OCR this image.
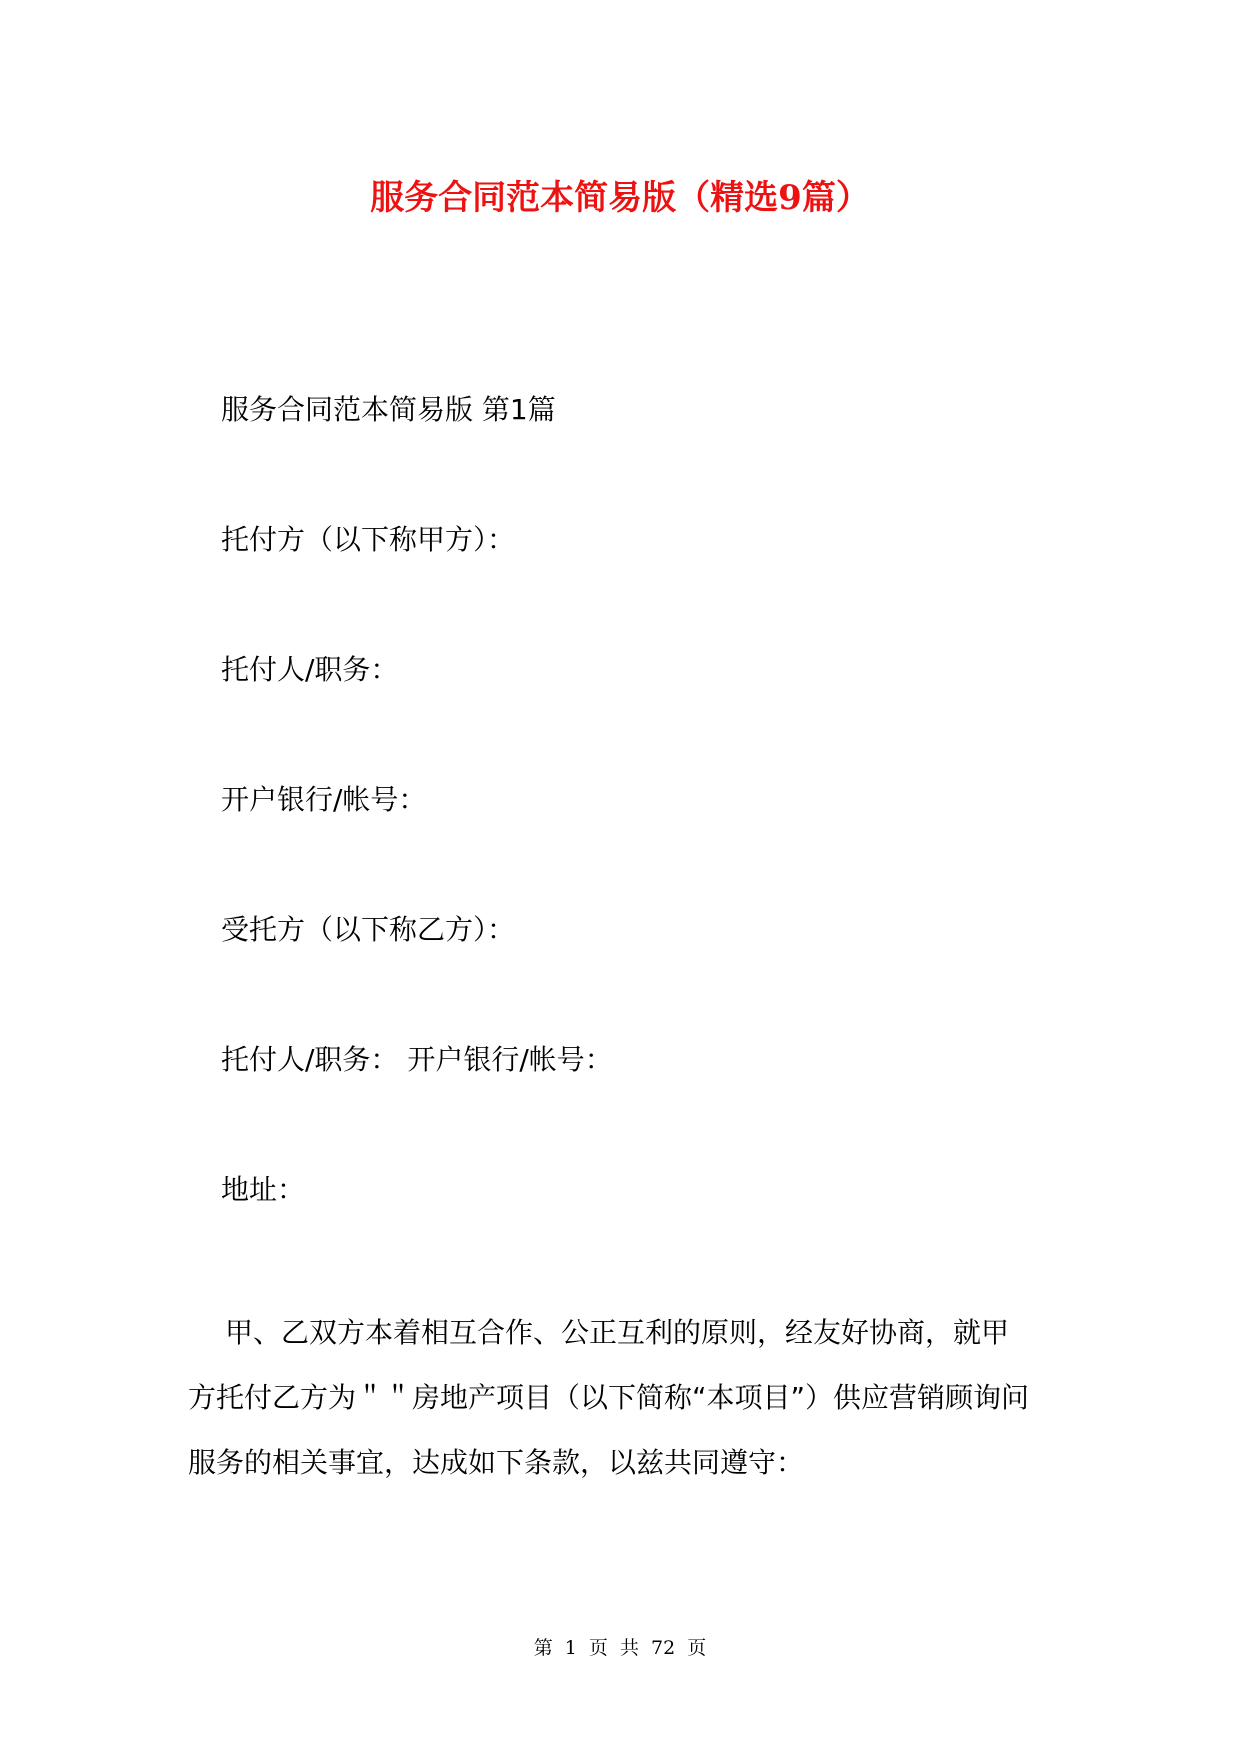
服务合同范本简易版（精选9篇）

服务合同范本简易版 第1篇

托付方（以下称甲方）：

托付人/职务：

开户银行/帐号：

受托方（以下称乙方）：

托付人/职务： 开户银行/帐号：

地址：

甲、乙双方本着相互合作、公正互利的原则，经友好协商，就甲
方托付乙方为＂＂房地产项目（以下简称“本项目”）供应营销顾询问
服务的相关事宜，达成如下条款，以兹共同遵守：
第 1 页 共 72 页
